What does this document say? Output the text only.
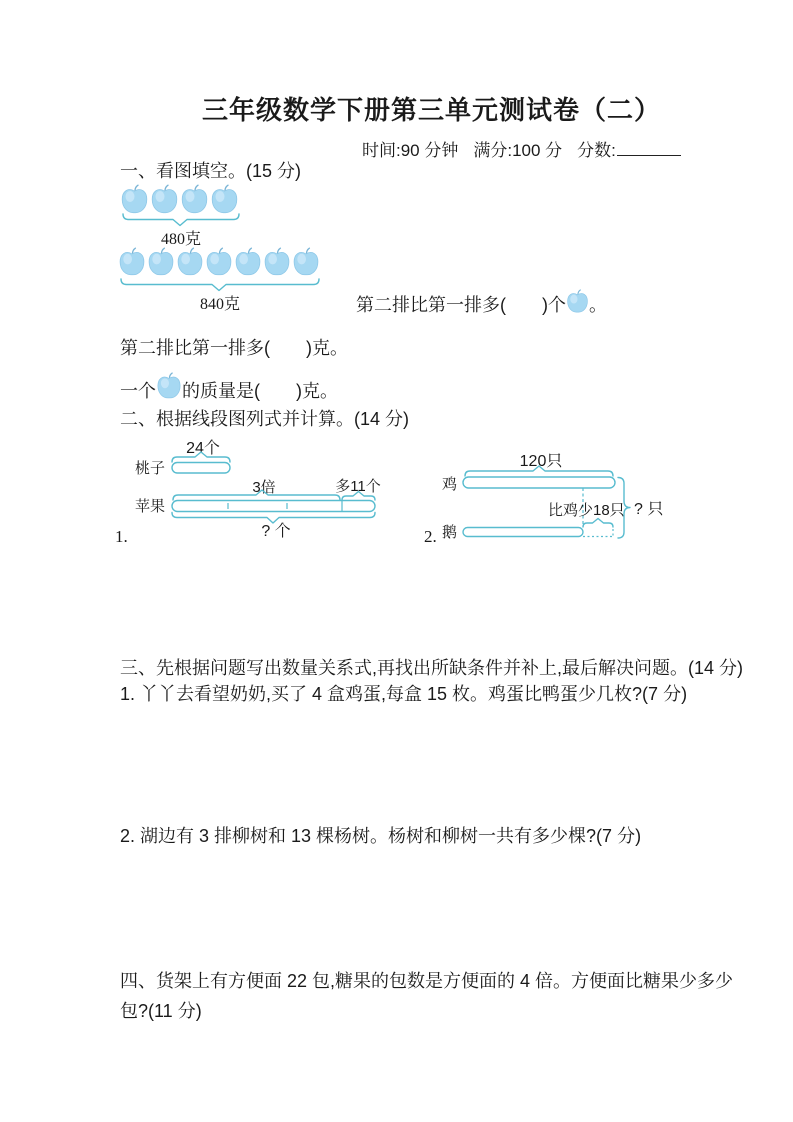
三年级数学下册第三单元测试卷（二）
时间:90 分钟 满分:100 分 分数:
一、看图填空。(15 分)
480克
840克	第二排比第一排多(　　)个 。
第二排比第一排多(　　)克。
一个 的质量是(　　)克。
二、根据线段图列式并计算。(14 分)
24个
桃子
3倍	多11个
苹果
? 个
1.
120只
鸡
比鸡少18只
鹅
? 只
2.
三、先根据问题写出数量关系式,再找出所缺条件并补上,最后解决问题。(14 分)
1. 丫丫去看望奶奶,买了 4 盒鸡蛋,每盒 15 枚。鸡蛋比鸭蛋少几枚?(7 分)
2. 湖边有 3 排柳树和 13 棵杨树。杨树和柳树一共有多少棵?(7 分)
四、货架上有方便面 22 包,糖果的包数是方便面的 4 倍。方便面比糖果少多少
包?(11 分)
